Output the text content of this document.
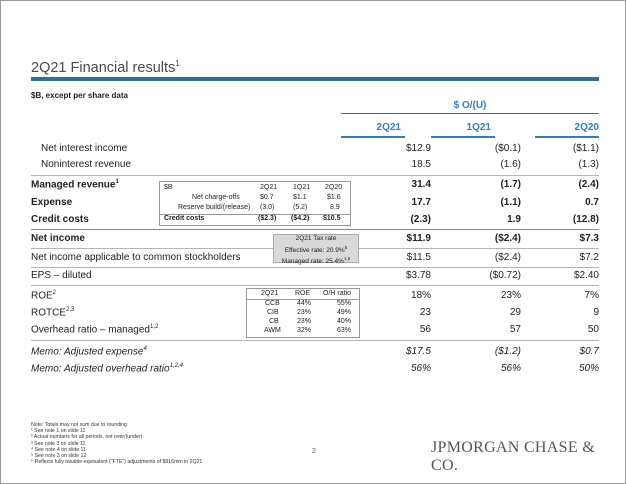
2Q21 Financial results$^1$
$B, except per share data
$ O/(U)
2Q21	1Q21	2Q20
Net interest income	$12.9	($0.1)	($1.1)
Noninterest revenue	18.5	(1.6)	(1.3)
Managed revenue$^1$	31.4	(1.7)	(2.4)
Expense	17.7	(1.1)	0.7
Credit costs	(2.3)	1.9	(12.8)
Net income	$11.9	($2.4)	$7.3
Net income applicable to common stockholders	$11.5	($2.4)	$7.2
EPS – diluted	$3.78	($0.72)	$2.40
ROE$^2$	18%	23%	7%
ROTCE$^{2,3}$	23	29	9
Overhead ratio – managed$^{1,2}$	56	57	50
Memo: Adjusted expense$^4$	$17.5	($1.2)	$0.7
Memo: Adjusted overhead ratio$^{1,2,4}$	56%	56%	50%
$B	2Q21 1Q21 2Q20
Net charge-offs	$0.7	$1.1	$1.6
Reserve build/(release) (3.0)	(5.2)	8.9
Credit costs	($2.3) ($4.2) $10.5
2Q21 Tax rate
Effective rate: 20.9%$^5$
Managed rate: 25.4%$^{1,5}$
2Q21 ROE O/H ratio
CCB 44%	55%
CIB	23%	49%
CB	23%	40%
AWM 32%	63%
Note: Totals may not sum due to rounding
¹ See note 1 on slide 11
² Actual numbers for all periods, not over/(under)
³ See note 3 on slide 11
⁴ See note 4 on slide 11
⁵ See note 3 on slide 12
⁶ Reflects fully taxable-equivalent ("FTE") adjustments of $916mm in 2Q21
2	JPMORGAN CHASE & CO.
